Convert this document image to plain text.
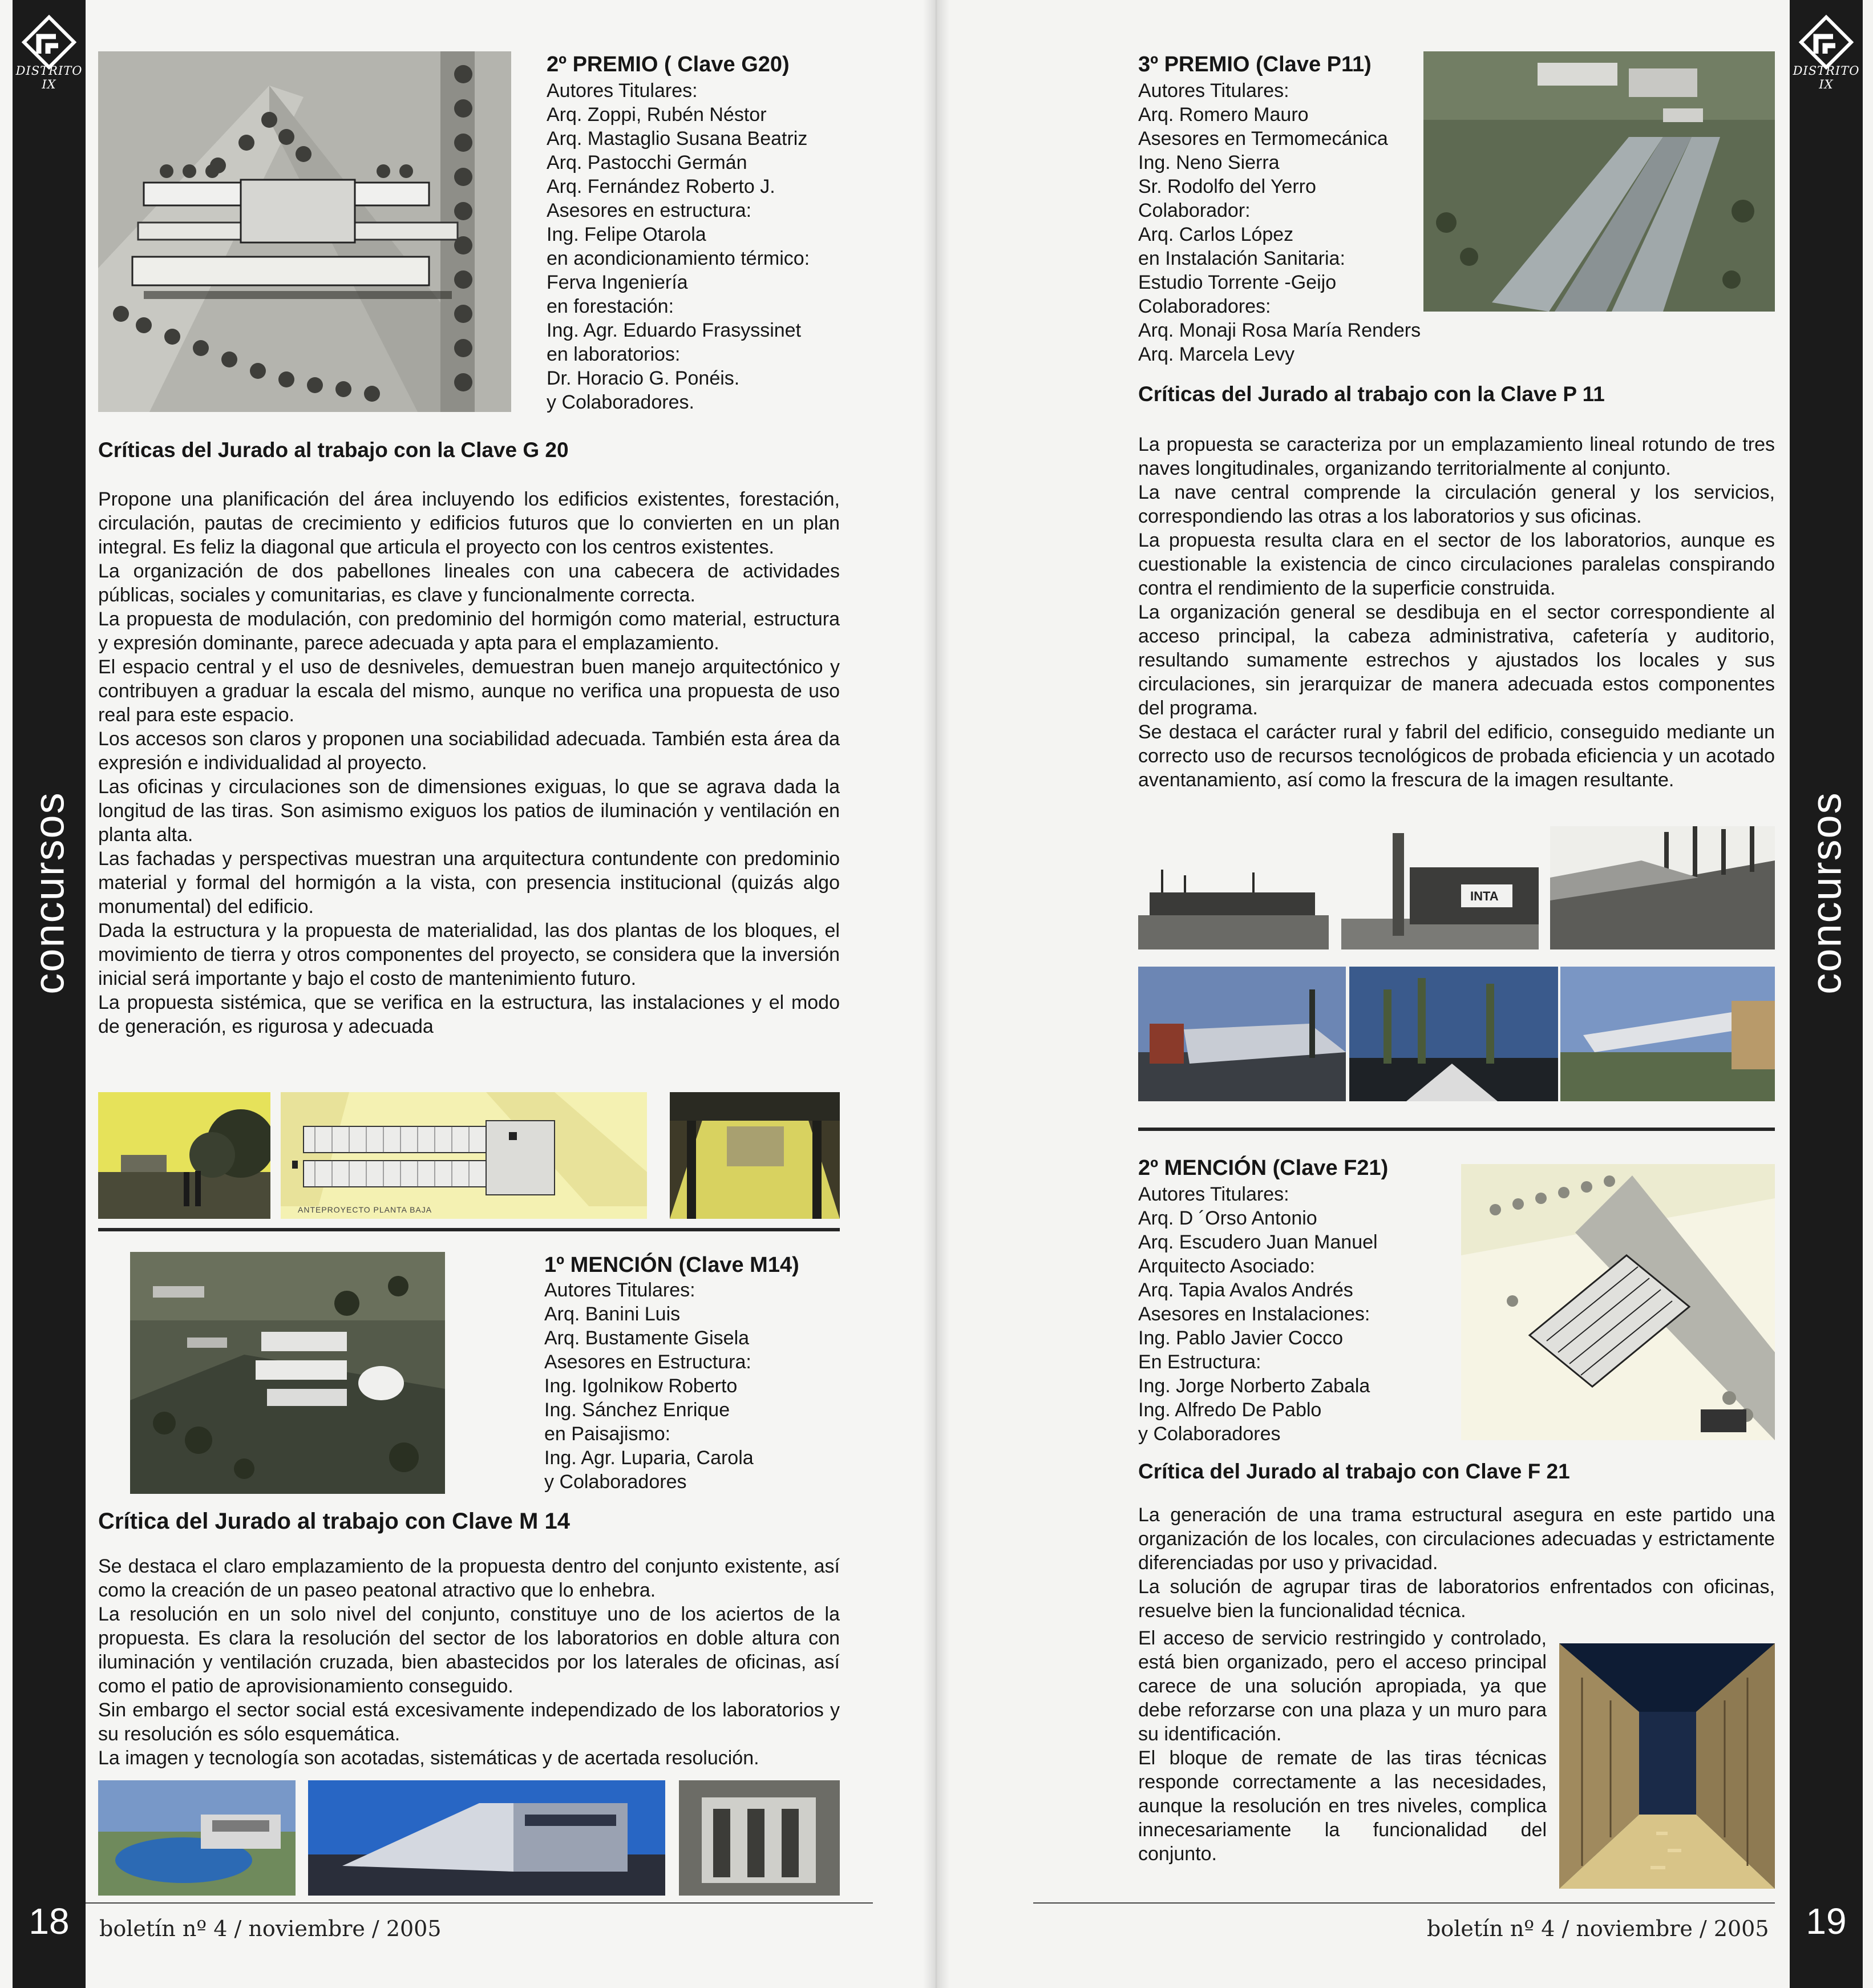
DISTRITO IX
concursos
18
2º PREMIO ( Clave G20)
Autores Titulares:
Arq. Zoppi, Rubén Néstor
Arq. Mastaglio Susana Beatriz
Arq. Pastocchi Germán
Arq. Fernández Roberto J.
Asesores en estructura:
Ing. Felipe Otarola
en acondicionamiento térmico:
Ferva Ingeniería
en forestación:
Ing. Agr. Eduardo Frasyssinet
en laboratorios:
Dr. Horacio G. Ponéis.
y Colaboradores.
Críticas del Jurado al trabajo con la Clave G 20

Propone una planificación del área incluyendo los edificios existentes, forestación, circulación, pautas de crecimiento y edificios futuros que lo convierten en un plan integral. Es feliz la diagonal que articula el proyecto con los centros existentes.

La organización de dos pabellones lineales con una cabecera de actividades públicas, sociales y comunitarias, es clave y funcionalmente correcta.

La propuesta de modulación, con predominio del hormigón como material, estructura y expresión dominante, parece adecuada y apta para el emplazamiento.

El espacio central y el uso de desniveles, demuestran buen manejo arquitectónico y contribuyen a graduar la escala del mismo, aunque no verifica una propuesta de uso real para este espacio.

Los accesos son claros y proponen una sociabilidad adecuada. También esta área da expresión e individualidad al proyecto.

Las oficinas y circulaciones son de dimensiones exiguas, lo que se agrava dada la longitud de las tiras. Son asimismo exiguos los patios de iluminación y ventilación en planta alta.

Las fachadas y perspectivas muestran una arquitectura contundente con predominio material y formal del hormigón a la vista, con presencia institucional (quizás algo monumental) del edificio.

Dada la estructura y la propuesta de materialidad, las dos plantas de los bloques, el movimiento de tierra y otros componentes del proyecto, se considera que la inversión inicial será importante y bajo el costo de mantenimiento futuro.

La propuesta sistémica, que se verifica en la estructura, las instalaciones y el modo de generación, es rigurosa y adecuada

ANTEPROYECTO PLANTA BAJA
1º MENCIÓN (Clave M14)
Autores Titulares:
Arq. Banini Luis
Arq. Bustamente Gisela
Asesores en Estructura:
Ing. Igolnikow Roberto
Ing. Sánchez Enrique
en Paisajismo:
Ing. Agr. Luparia, Carola
y Colaboradores
Crítica del Jurado al trabajo con Clave M 14

Se destaca el claro emplazamiento de la propuesta dentro del conjunto existente, así como la creación de un paseo peatonal atractivo que lo enhebra.

La resolución en un solo nivel del conjunto, constituye uno de los aciertos de la propuesta. Es clara la resolución del sector de los laboratorios en doble altura con iluminación y ventilación cruzada, bien abastecidos por los laterales de oficinas, así como el patio de aprovisionamiento conseguido.

Sin embargo el sector social está excesivamente independizado de los laboratorios y su resolución es sólo esquemática.

La imagen y tecnología son acotadas, sistemáticas y de acertada resolución.

boletín nº 4 / noviembre / 2005
DISTRITO IX
concursos
19
3º PREMIO (Clave P11)
Autores Titulares:
Arq. Romero Mauro
Asesores en Termomecánica
Ing. Neno Sierra
Sr. Rodolfo del Yerro
Colaborador:
Arq. Carlos López
en Instalación Sanitaria:
Estudio Torrente -Geijo
Colaboradores:
Arq. Monaji Rosa María Renders
Arq. Marcela Levy
Críticas del Jurado al trabajo con la Clave P 11

La propuesta se caracteriza por un emplazamiento lineal rotundo de tres naves longitudinales, organizando territorialmente al conjunto.

La nave central comprende la circulación general y los servicios, correspondiendo las otras a los laboratorios y sus oficinas.

La propuesta resulta clara en el sector de los laboratorios, aunque es cuestionable la existencia de cinco circulaciones paralelas conspirando contra el rendimiento de la superficie construida.

La organización general se desdibuja en el sector correspondiente al acceso principal, la cabeza administrativa, cafetería y auditorio, resultando sumamente estrechos y ajustados los locales y sus circulaciones, sin jerarquizar de manera adecuada estos componentes del programa.

Se destaca el carácter rural y fabril del edificio, conseguido mediante un correcto uso de recursos tecnológicos de probada eficiencia y un acotado aventanamiento, así como la frescura de la imagen resultante.

INTA
2º MENCIÓN (Clave F21)
Autores Titulares:
Arq. D ´Orso Antonio
Arq. Escudero Juan Manuel
Arquitecto Asociado:
Arq. Tapia Avalos Andrés
Asesores en Instalaciones:
Ing. Pablo Javier Cocco
En Estructura:
Ing. Jorge Norberto Zabala
Ing. Alfredo De Pablo
y Colaboradores
Crítica del Jurado al trabajo con Clave F 21

La generación de una trama estructural asegura en este partido una organización de los locales, con circulaciones adecuadas y estrictamente diferenciadas por uso y privacidad.

La solución de agrupar tiras de laboratorios enfrentados con oficinas, resuelve bien la funcionalidad técnica.

El acceso de servicio restringido y controlado, está bien organizado, pero el acceso principal carece de una solución apropiada, ya que debe reforzarse con una plaza y un muro para su identificación.

El bloque de remate de las tiras técnicas responde correctamente a las necesidades, aunque la resolución en tres niveles, complica innecesariamente la funcionalidad del conjunto.

boletín nº 4 / noviembre / 2005
